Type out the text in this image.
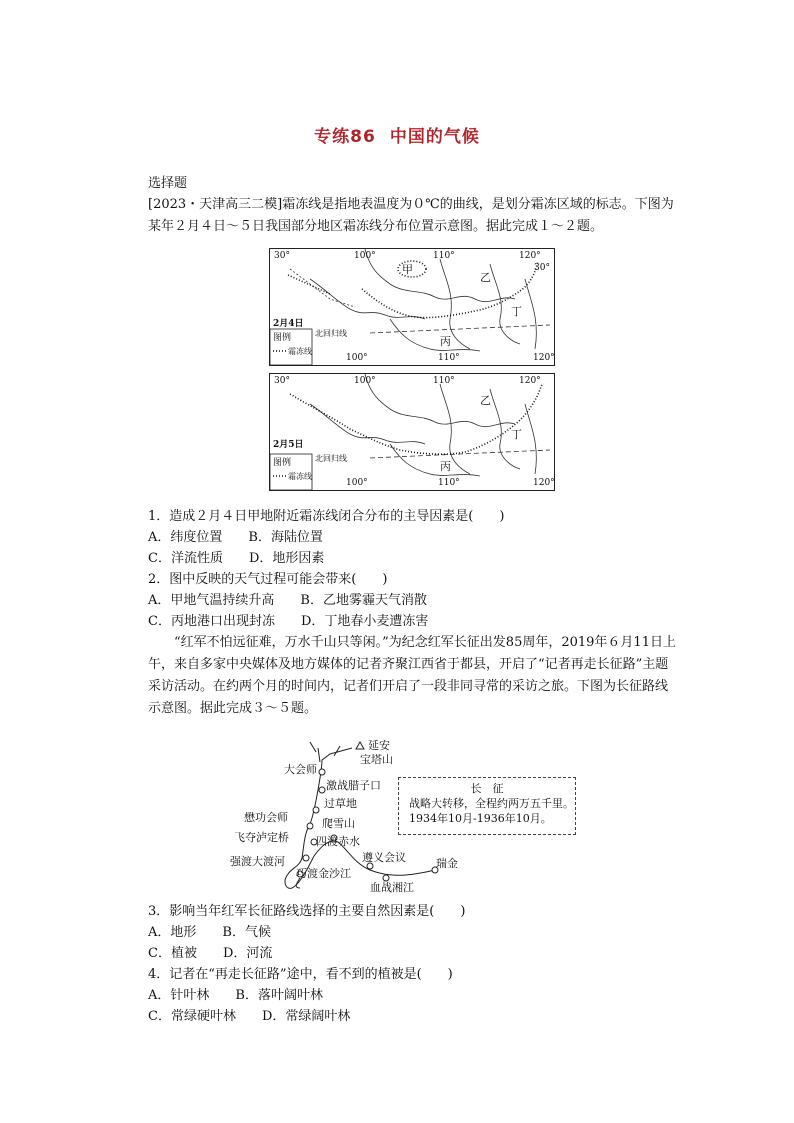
专练86 中国的气候
选择题
[2023・天津高三二模]霜冻线是指地表温度为０℃的曲线，是划分霜冻区域的标志。下图为某年２月４日～５日我国部分地区霜冻线分布位置示意图。据此完成１～２题。
30°	100°	110°	120°
30°
甲
乙
丁
丙
2月4日
图例
霜冻线
北回归线
100°	110°	120°
30°	100°	110°	120°
乙
丁
丙
2月5日
图例
霜冻线
北回归线
100°	110°	120°
1．造成２月４日甲地附近霜冻线闭合分布的主导因素是(　　)
A．纬度位置　　B．海陆位置
C．洋流性质　　D．地形因素
2．图中反映的天气过程可能会带来(　　)
A．甲地气温持续升高　　B．乙地雾霾天气消散
C．丙地港口出现封冻　　D．丁地春小麦遭冻害
“红军不怕远征难，万水千山只等闲。”为纪念红军长征出发85周年，2019年６月11日上午，来自多家中央媒体及地方媒体的记者齐聚江西省于都县，开启了“记者再走长征路”主题采访活动。在约两个月的时间内，记者们开启了一段非同寻常的采访之旅。下图为长征路线示意图。据此完成３～５题。
延安
宝塔山
大会师
激战腊子口
过草地
懋功会师	爬雪山
飞夺泸定桥 四渡赤水
强渡大渡河	遵义会议	瑞金
巧渡金沙江
血战湘江
长　征
战略大转移，全程约两万五千里。
1934年10月-1936年10月。
3．影响当年红军长征路线选择的主要自然因素是(　　)
A．地形　　B．气候
C．植被　　D．河流
4．记者在“再走长征路”途中，看不到的植被是(　　)
A．针叶林　　B．落叶阔叶林
C．常绿硬叶林　　D．常绿阔叶林
